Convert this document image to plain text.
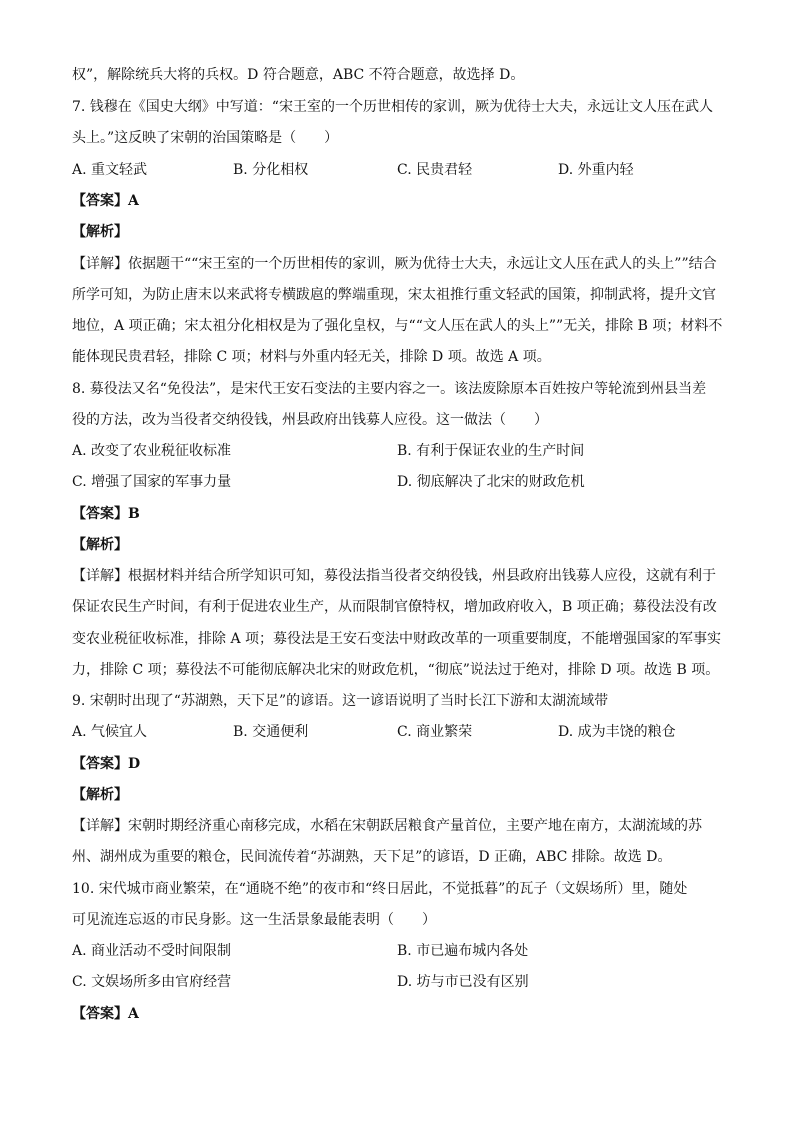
权”，解除统兵大将的兵权。D 符合题意，ABC 不符合题意，故选择 D。
7. 钱穆在《国史大纲》中写道：“宋王室的一个历世相传的家训，厥为优待士大夫，永远让文人压在武人
头上。”这反映了宋朝的治国策略是（　　）
A. 重文轻武	B. 分化相权	C. 民贵君轻	D. 外重内轻
【答案】A
【解析】
【详解】依据题干““宋王室的一个历世相传的家训，厥为优待士大夫，永远让文人压在武人的头上””结合
所学可知，为防止唐末以来武将专横跋扈的弊端重现，宋太祖推行重文轻武的国策，抑制武将，提升文官
地位，A 项正确；宋太祖分化相权是为了强化皇权，与““文人压在武人的头上””无关，排除 B 项；材料不
能体现民贵君轻，排除 C 项；材料与外重内轻无关，排除 D 项。故选 A 项。
8. 募役法又名“免役法”，是宋代王安石变法的主要内容之一。该法废除原本百姓按户等轮流到州县当差
役的方法，改为当役者交纳役钱，州县政府出钱募人应役。这一做法（　　）
A. 改变了农业税征收标准	B. 有利于保证农业的生产时间
C. 增强了国家的军事力量	D. 彻底解决了北宋的财政危机
【答案】B
【解析】
【详解】根据材料并结合所学知识可知，募役法指当役者交纳役钱，州县政府出钱募人应役，这就有利于
保证农民生产时间，有利于促进农业生产，从而限制官僚特权，增加政府收入，B 项正确；募役法没有改
变农业税征收标准，排除 A 项；募役法是王安石变法中财政改革的一项重要制度，不能增强国家的军事实
力，排除 C 项；募役法不可能彻底解决北宋的财政危机，“彻底”说法过于绝对，排除 D 项。故选 B 项。
9. 宋朝时出现了“苏湖熟，天下足”的谚语。这一谚语说明了当时长江下游和太湖流域带
A. 气候宜人	B. 交通便利	C. 商业繁荣	D. 成为丰饶的粮仓
【答案】D
【解析】
【详解】宋朝时期经济重心南移完成，水稻在宋朝跃居粮食产量首位，主要产地在南方，太湖流域的苏
州、湖州成为重要的粮仓，民间流传着“苏湖熟，天下足”的谚语，D 正确，ABC 排除。故选 D。
10. 宋代城市商业繁荣，在“通晓不绝”的夜市和“终日居此，不觉抵暮”的瓦子（文娱场所）里，随处
可见流连忘返的市民身影。这一生活景象最能表明（　　）
A. 商业活动不受时间限制	B. 市已遍布城内各处
C. 文娱场所多由官府经营	D. 坊与市已没有区别
【答案】A
